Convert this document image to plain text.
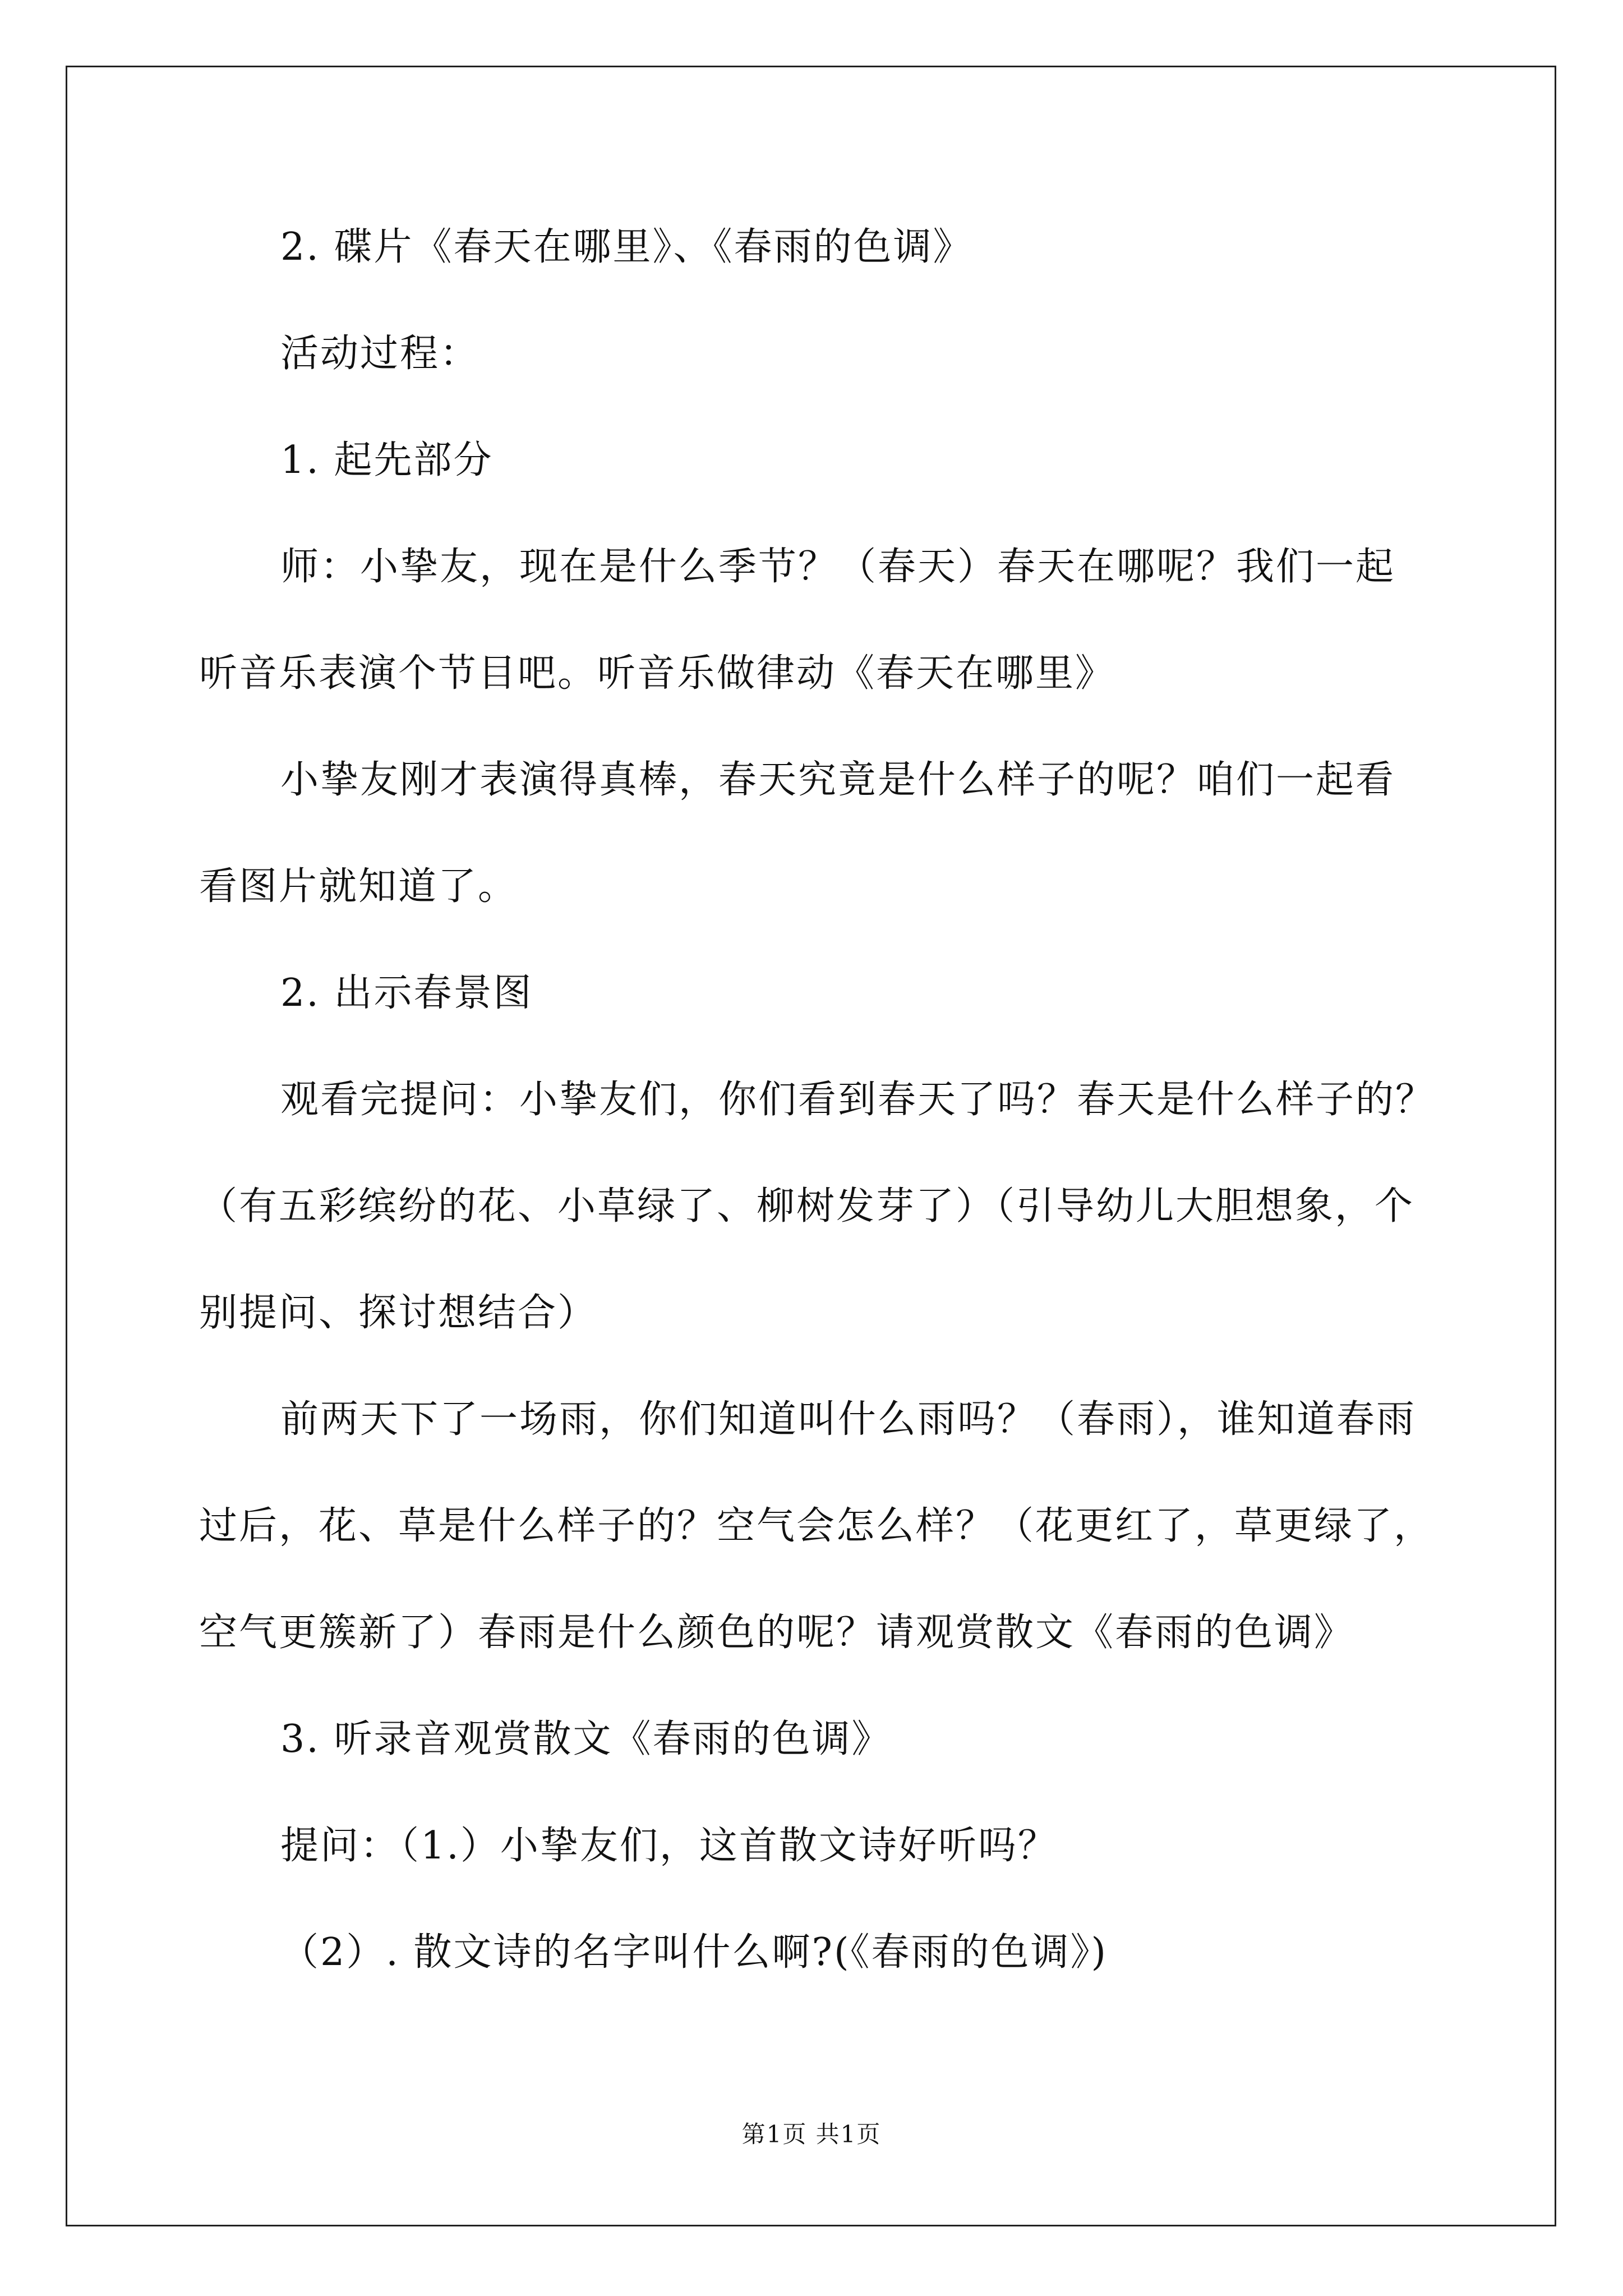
2. 碟片《春天在哪里》、《春雨的色调》
活动过程：
1. 起先部分
师：小挚友，现在是什么季节？（春天）春天在哪呢？我们一起
听音乐表演个节目吧。听音乐做律动《春天在哪里》
小挚友刚才表演得真棒，春天究竟是什么样子的呢？咱们一起看
看图片就知道了。
2. 出示春景图
观看完提问：小挚友们，你们看到春天了吗？春天是什么样子的？
（有五彩缤纷的花、小草绿了、柳树发芽了）（引导幼儿大胆想象，个
别提问、探讨想结合）
前两天下了一场雨，你们知道叫什么雨吗？（春雨），谁知道春雨
过后，花、草是什么样子的？空气会怎么样？（花更红了，草更绿了，
空气更簇新了）春雨是什么颜色的呢？请观赏散文《春雨的色调》
3. 听录音观赏散文《春雨的色调》
提问：（1.）小挚友们，这首散文诗好听吗？
（2）. 散文诗的名字叫什么啊?(《春雨的色调》)
第1页 共1页
